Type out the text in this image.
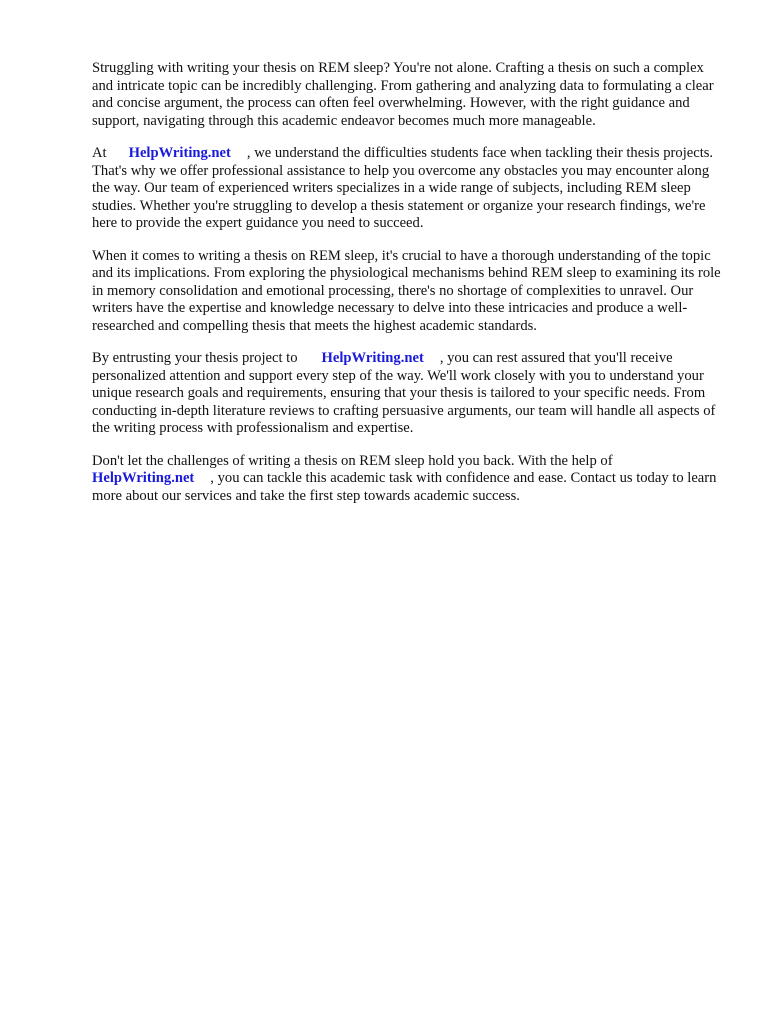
Struggling with writing your thesis on REM sleep? You're not alone. Crafting a thesis on such a complex and intricate topic can be incredibly challenging. From gathering and analyzing data to formulating a clear and concise argument, the process can often feel overwhelming. However, with the right guidance and support, navigating through this academic endeavor becomes much more manageable.

At HelpWriting.net , we understand the difficulties students face when tackling their thesis projects. That's why we offer professional assistance to help you overcome any obstacles you may encounter along the way. Our team of experienced writers specializes in a wide range of subjects, including REM sleep studies. Whether you're struggling to develop a thesis statement or organize your research findings, we're here to provide the expert guidance you need to succeed.

When it comes to writing a thesis on REM sleep, it's crucial to have a thorough understanding of the topic and its implications. From exploring the physiological mechanisms behind REM sleep to examining its role in memory consolidation and emotional processing, there's no shortage of complexities to unravel. Our writers have the expertise and knowledge necessary to delve into these intricacies and produce a well-researched and compelling thesis that meets the highest academic standards.

By entrusting your thesis project to HelpWriting.net , you can rest assured that you'll receive personalized attention and support every step of the way. We'll work closely with you to understand your unique research goals and requirements, ensuring that your thesis is tailored to your specific needs. From conducting in-depth literature reviews to crafting persuasive arguments, our team will handle all aspects of the writing process with professionalism and expertise.

Don't let the challenges of writing a thesis on REM sleep hold you back. With the help of
HelpWriting.net , you can tackle this academic task with confidence and ease. Contact us today to learn more about our services and take the first step towards academic success.
